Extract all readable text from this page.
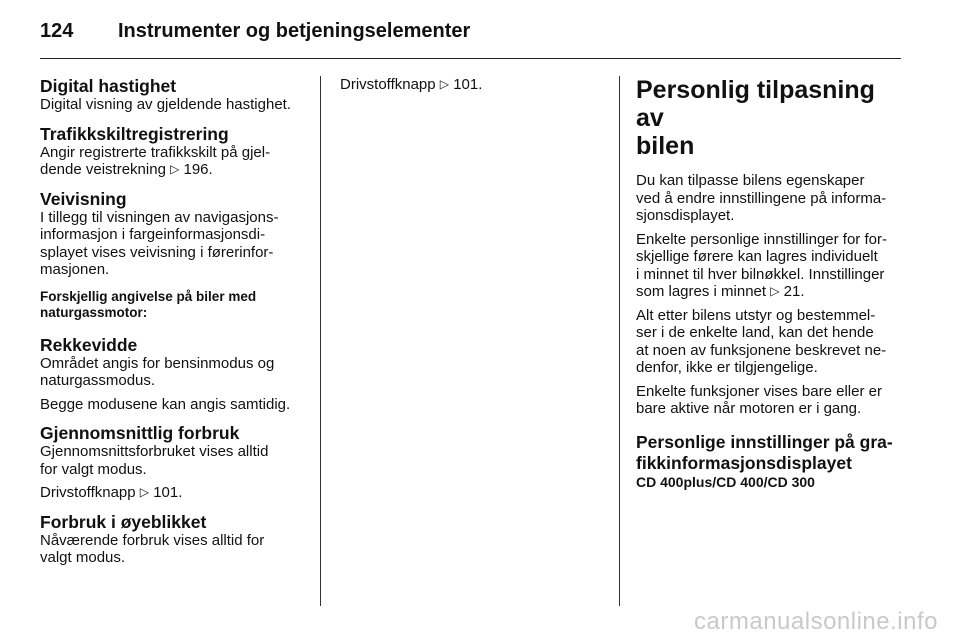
124 Instrumenter og betjeningselementer
Digital hastighet
Digital visning av gjeldende hastighet.
Trafikkskiltregistrering
Angir registrerte trafikkskilt på gjel-
dende veistrekning ▷ 196.
Veivisning
I tillegg til visningen av navigasjons-
informasjon i fargeinformasjonsdi-
splayet vises veivisning i førerinfor-
masjonen.
Forskjellig angivelse på biler med
naturgassmotor:
Rekkevidde
Området angis for bensinmodus og
naturgassmodus.
Begge modusene kan angis samtidig.
Gjennomsnittlig forbruk
Gjennomsnittsforbruket vises alltid
for valgt modus.
Drivstoffknapp ▷ 101.
Forbruk i øyeblikket
Nåværende forbruk vises alltid for
valgt modus.
Drivstoffknapp ▷ 101.	Personlig tilpasning av
bilen
Du kan tilpasse bilens egenskaper
ved å endre innstillingene på informa-
sjonsdisplayet.
Enkelte personlige innstillinger for for-
skjellige førere kan lagres individuelt
i minnet til hver bilnøkkel. Innstillinger
som lagres i minnet ▷ 21.
Alt etter bilens utstyr og bestemmel-
ser i de enkelte land, kan det hende
at noen av funksjonene beskrevet ne-
denfor, ikke er tilgjengelige.
Enkelte funksjoner vises bare eller er
bare aktive når motoren er i gang.
Personlige innstillinger på gra-
fikkinformasjonsdisplayet
CD 400plus/CD 400/CD 300
carmanualsonline.info
